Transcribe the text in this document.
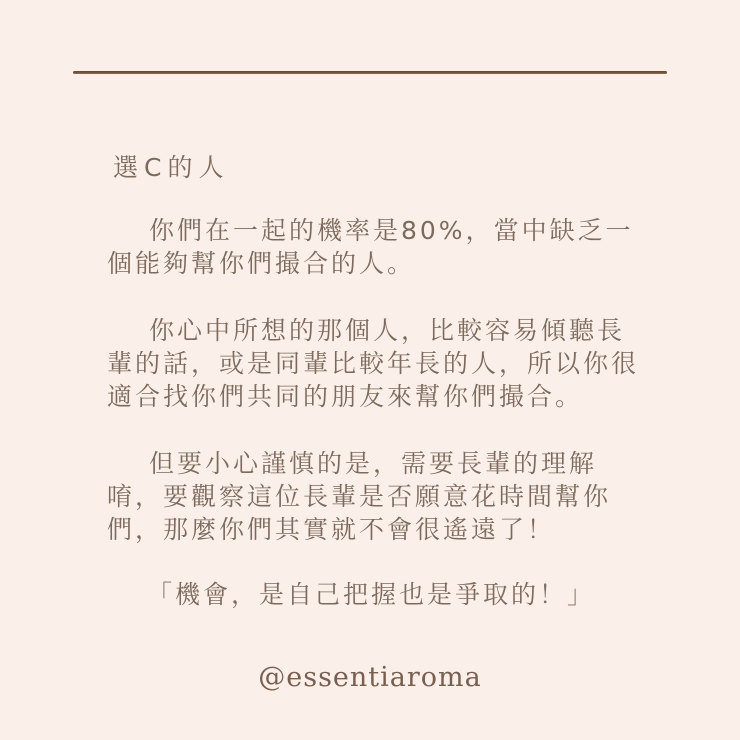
選C的人

你們在一起的機率是80%，當中缺乏一個能夠幫你們撮合的人。

你心中所想的那個人，比較容易傾聽長輩的話，或是同輩比較年長的人，所以你很適合找你們共同的朋友來幫你們撮合。

但要小心謹慎的是，需要長輩的理解唷，要觀察這位長輩是否願意花時間幫你們，那麼你們其實就不會很遙遠了！

「機會，是自己把握也是爭取的！」

@essentiaroma
